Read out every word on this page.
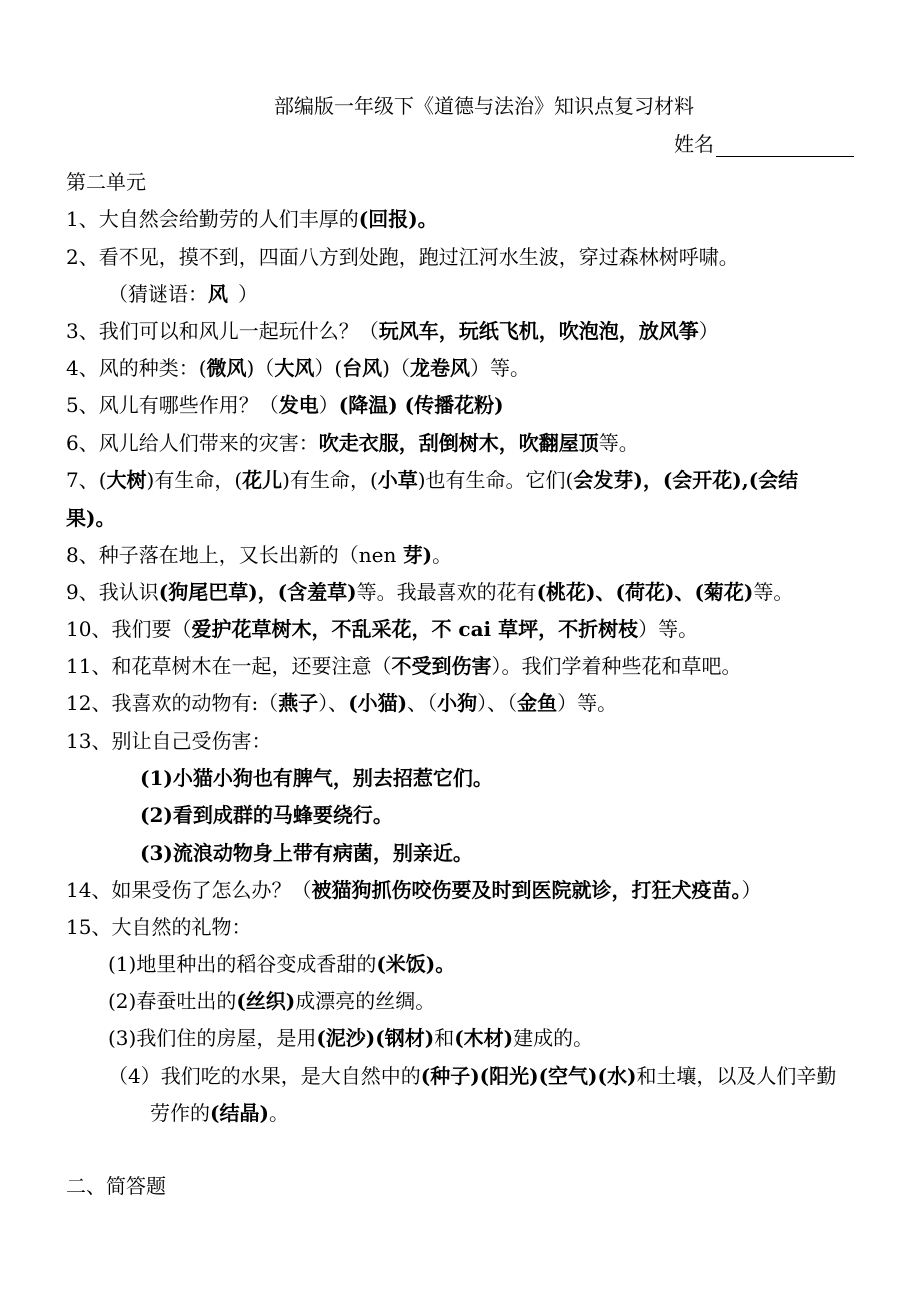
部编版一年级下《道德与法治》知识点复习材料
姓名
第二单元
1、大自然会给勤劳的人们丰厚的(回报)。
2、看不见，摸不到，四面八方到处跑，跑过江河水生波，穿过森林树呼啸。
（猜谜语：风 ）
3、我们可以和风儿一起玩什么？（玩风车，玩纸飞机，吹泡泡，放风筝）
4、风的种类：(微风)（大风）(台风)（龙卷风）等。
5、风儿有哪些作用？（发电）(降温) (传播花粉)
6、风儿给人们带来的灾害：吹走衣服，刮倒树木，吹翻屋顶等。
7、(大树)有生命，(花儿)有生命，(小草)也有生命。它们(会发芽)，(会开花),(会结
果)。
8、种子落在地上，又长出新的（nen 芽)。
9、我认识(狗尾巴草)，(含羞草)等。我最喜欢的花有(桃花)、(荷花)、(菊花)等。
10、我们要（爱护花草树木，不乱采花，不 cai 草坪，不折树枝）等。
11、和花草树木在一起，还要注意（不受到伤害）。我们学着种些花和草吧。
12、我喜欢的动物有:（燕子）、(小猫)、（小狗）、（金鱼）等。
13、别让自己受伤害：
(1)小猫小狗也有脾气，别去招惹它们。
(2)看到成群的马蜂要绕行。
(3)流浪动物身上带有病菌，别亲近。
14、如果受伤了怎么办？（被猫狗抓伤咬伤要及时到医院就诊，打狂犬疫苗。）
15、大自然的礼物：
(1)地里种出的稻谷变成香甜的(米饭)。
(2)春蚕吐出的(丝织)成漂亮的丝绸。
(3)我们住的房屋，是用(泥沙)(钢材)和(木材)建成的。
（4）我们吃的水果，是大自然中的(种子)(阳光)(空气)(水)和土壤，以及人们辛勤
劳作的(结晶)。
二、简答题
